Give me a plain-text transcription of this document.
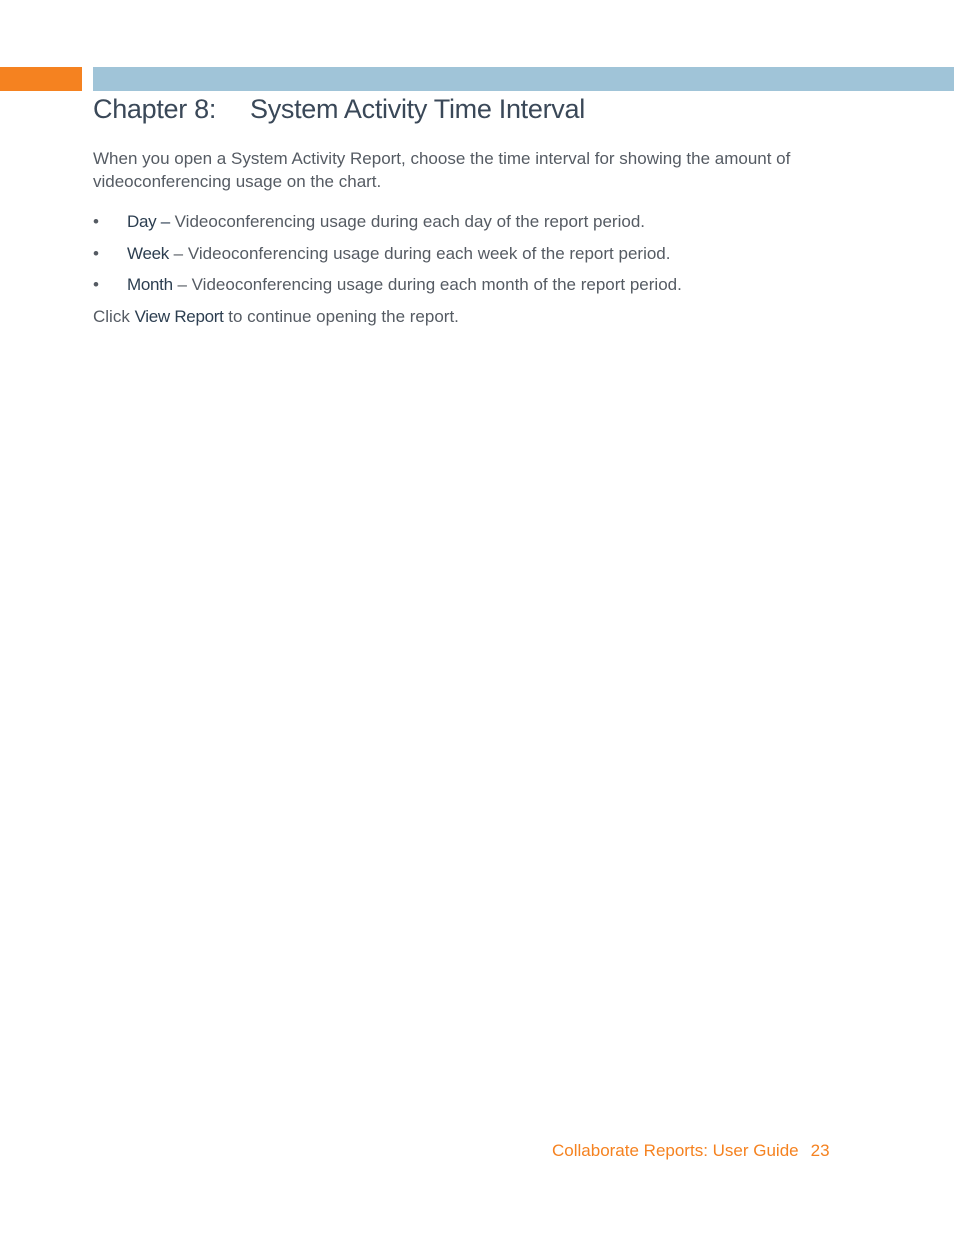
Chapter 8: System Activity Time Interval

When you open a System Activity Report, choose the time interval for showing the amount of videoconferencing usage on the chart.

• Day – Videoconferencing usage during each day of the report period.
• Week – Videoconferencing usage during each week of the report period.
• Month – Videoconferencing usage during each month of the report period.

Click View Report to continue opening the report.

Collaborate Reports: User Guide 23
